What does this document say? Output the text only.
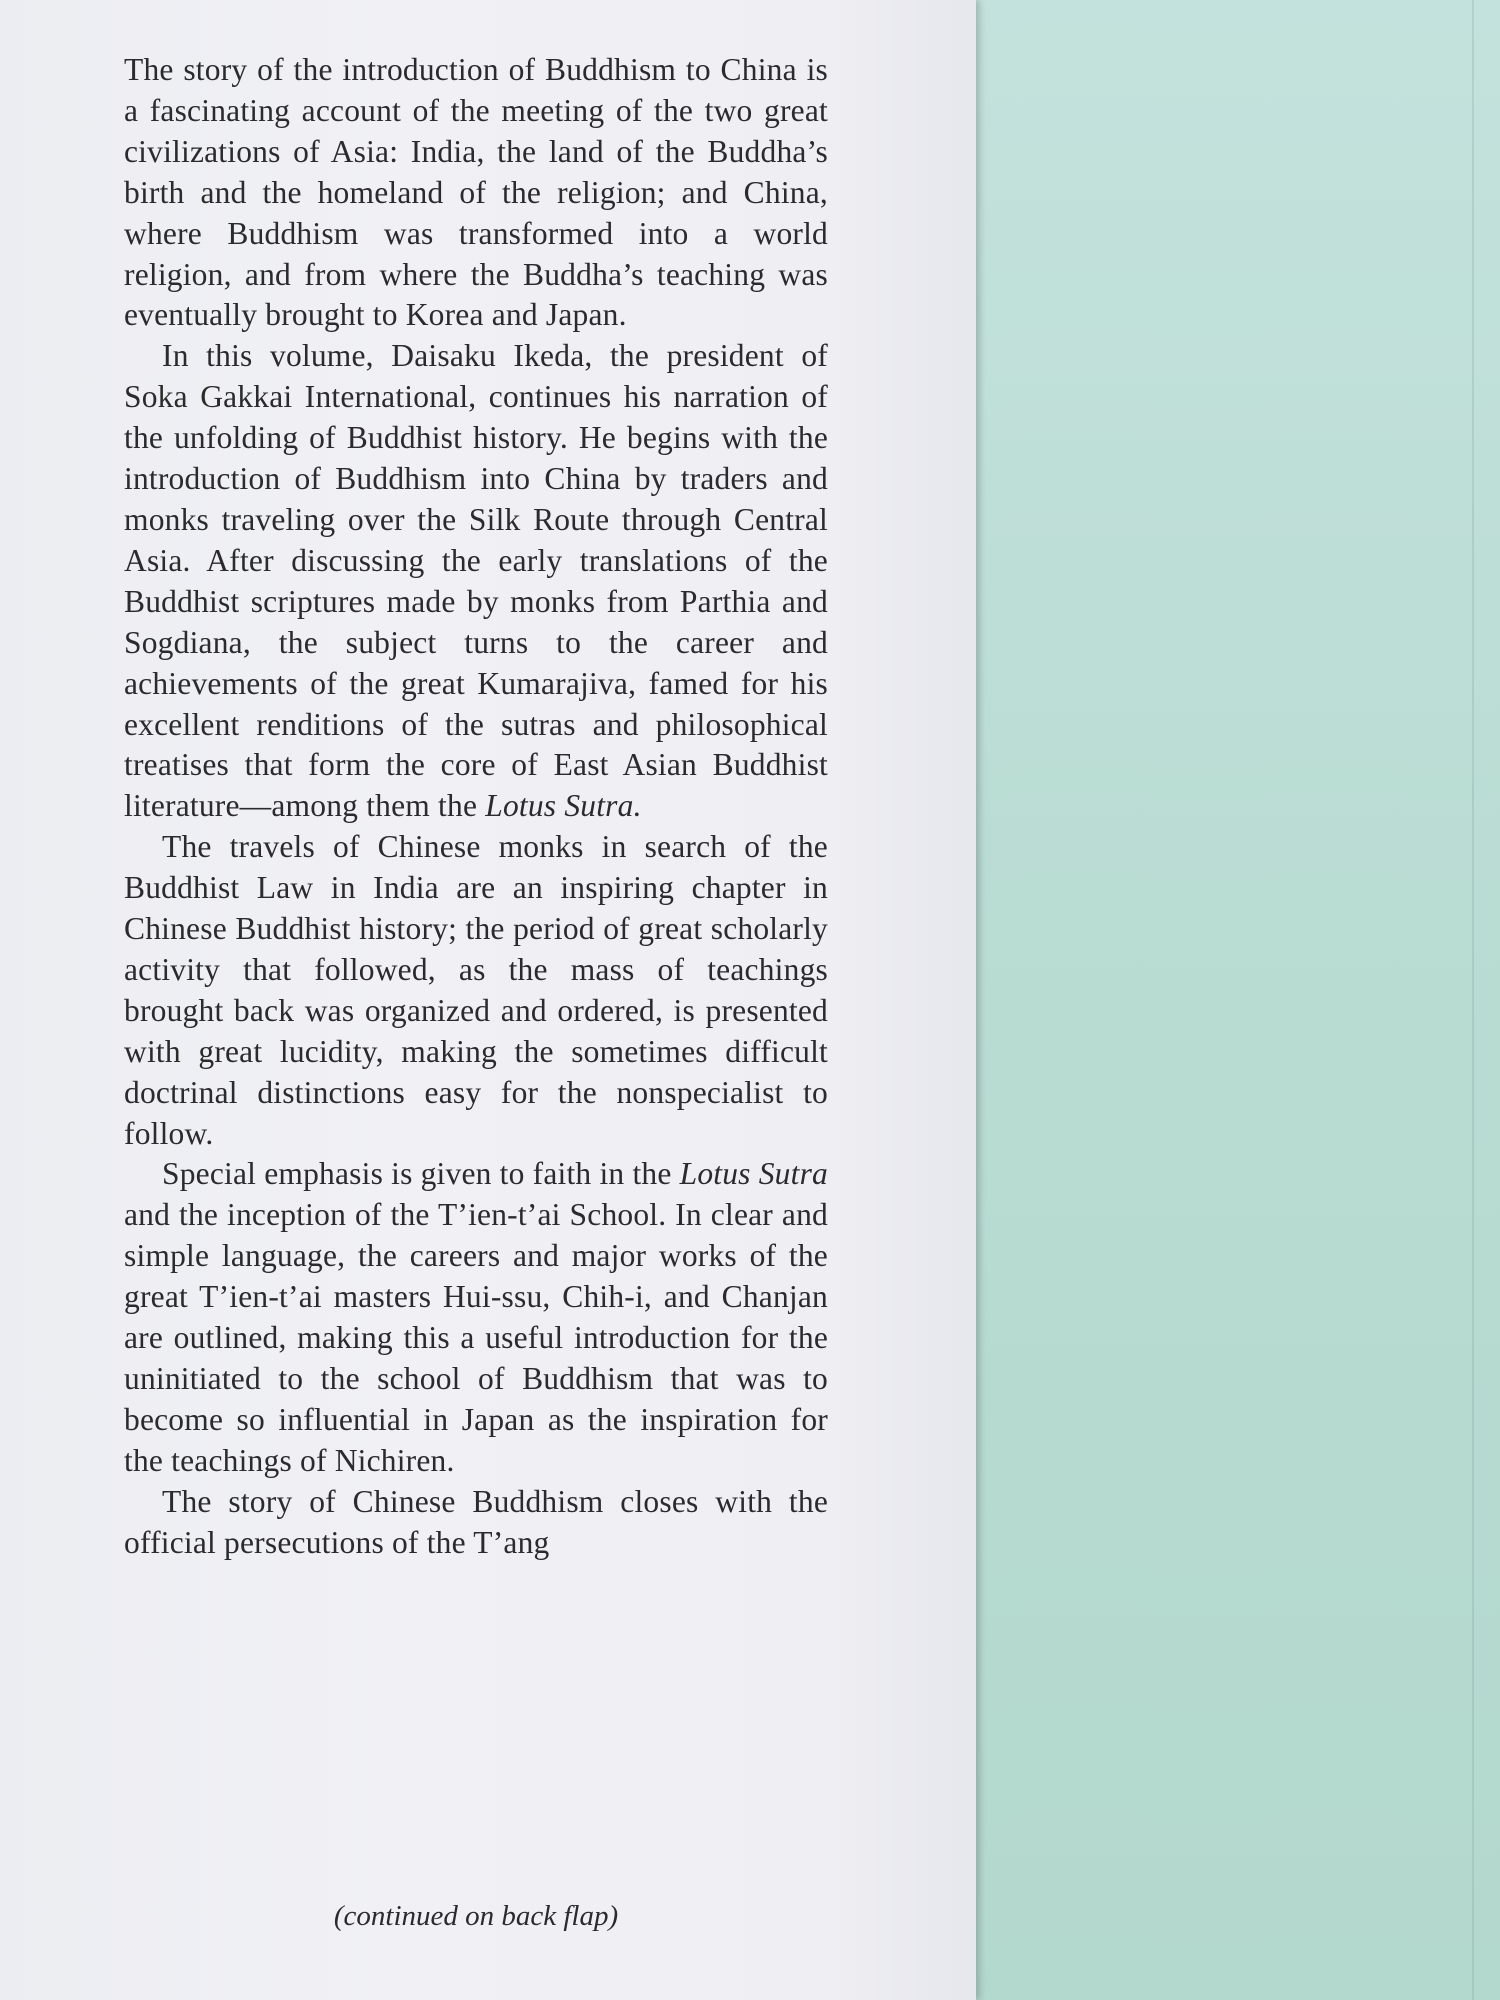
The story of the introduction of Buddhism to China is a fascinating account of the meeting of the two great civilizations of Asia: India, the land of the Buddha’s birth and the homeland of the religion; and China, where Buddhism was transformed into a world religion, and from where the Buddha’s teaching was eventually brought to Korea and Japan.

In this volume, Daisaku Ikeda, the president of Soka Gakkai International, continues his narration of the unfolding of Buddhist history. He begins with the introduction of Buddhism into China by traders and monks traveling over the Silk Route through Central Asia. After discussing the early translations of the Buddhist scriptures made by monks from Parthia and Sogdiana, the subject turns to the career and achievements of the great Kumarajiva, famed for his excellent renditions of the sutras and philosophical treatises that form the core of East Asian Buddhist literature—among them the Lotus Sutra.

The travels of Chinese monks in search of the Buddhist Law in India are an inspiring chapter in Chinese Buddhist history; the period of great scholarly activity that followed, as the mass of teachings brought back was organized and ordered, is presented with great lucidity, making the sometimes difficult doctrinal distinctions easy for the nonspecialist to follow.

Special emphasis is given to faith in the Lotus Sutra and the inception of the T’ien-t’ai School. In clear and simple language, the careers and major works of the great T’ien-t’ai masters Hui-ssu, Chih-i, and Chanjan are outlined, making this a useful introduction for the uninitiated to the school of Buddhism that was to become so influential in Japan as the inspiration for the teachings of Nichiren.

The story of Chinese Buddhism closes with the official persecutions of the T’ang

(continued on back flap)
